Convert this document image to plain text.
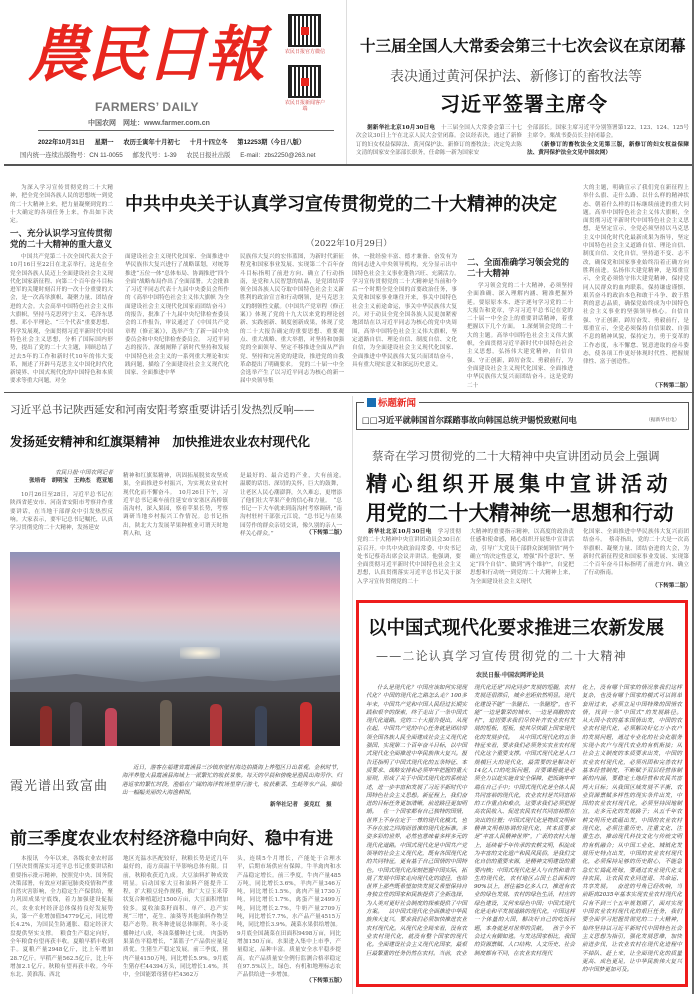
農民日報	农民日报官方微信
农民日报新闻客户端
FARMERS’ DAILY
中国农网　网址：www.farmer.com.cn
2022年10月31日 星期一 农历壬寅年十月初七 十月十四立冬 第12253期（今日八版）
国内统一连续出版物号：CN 11-0055 邮发代号：1-39 农民日报社出版 E-mail：zbs2250@263.net
十三届全国人大常委会第三十七次会议在京闭幕
表决通过黄河保护法、新修订的畜牧法等
习近平签署主席令
据新华社北京10月30日电　 十三届全国人大常委会第三十七次会议30日上午在北京人民大会堂闭幕。会议经表决，通过了新修订的妇女权益保障法、黄河保护法、新修订的畜牧法；决定免去陈文清的国家安全部部长职务，任命陈一新为国家安
全部部长。国家主席习近平分别签署第122、123、124、125号主席令。栗战书委员长主持闭幕会。
（新修订的畜牧法全文见第三版，新修订的妇女权益保障法、黄河保护法全文见中国农网）
为深入学习宣传贯彻党的二十大精神，把全党全国各族人民的思想统一到党的二十大精神上来，把力量凝聚到党的二十大确定的各项任务上来，作出如下决定。
中共中央关于认真学习宣传贯彻党的二十大精神的决定
（2022年10月29日）
一、充分认识学习宣传贯彻党的二十大精神的重大意义
中国共产党第二十次全国代表大会于10月16日至22日在北京举行。这是在全党全国各族人民迈上全面建设社会主义现代化国家新征程、向第二个百年奋斗目标进军的关键时刻召开的一次十分重要的大会，是一次高举旗帜、凝聚力量、团结奋进的大会。大会高举中国特色社会主义伟大旗帜，坚持马克思列宁主义、毛泽东思想、邓小平理论、“三个代表”重要思想、科学发展观，全面贯彻习近平新时代中国特色社会主义思想，分析了国际国内形势，提出了党的二十大主题，回顾总结了过去5年的工作和新时代10年的伟大变革，阐述了开辟马克思主义中国化时代化新境界、中国式现代化的中国特色和本质要求等重大问题，对全
面建设社会主义现代化国家、全面推进中华民族伟大复兴进行了战略谋划，对统筹推进“五位一体”总体布局、协调推进“四个全面”战略布局作出了全面部署。大会批准了习近平同志代表十九届中央委员会所作的《高举中国特色社会主义伟大旗帜 为全面建设社会主义现代化国家而团结奋斗》的报告，批准了十九届中央纪律检查委员会的工作报告，审议通过了《中国共产党章程（修正案）》，选举产生了新一届中央委员会和中央纪律检查委员会。　习近平同志的报告，深刻阐释了新时代坚持和发展中国特色社会主义的一系列重大理论和实践问题，描绘了全面建设社会主义现代化国家、全面推进中华
民族伟大复兴的宏伟蓝图，为新时代新征程党和国家事业发展、实现第二个百年奋斗目标指明了前进方向、确立了行动指南，是党和人民智慧的结晶，是党团结带领全国各族人民夺取中国特色社会主义新胜利的政治宣言和行动纲领，是马克思主义的纲领性文献。《中国共产党章程（修正案）》体现了党的十九大以来党的理论创新、实践创新、制度创新成果，体现了党的二十大报告确定的重要思想、重要观点、重大战略、重大举措，对坚持和加强党的全面领导、坚定不移推进全面从严治党、坚持和完善党的建设，推进党的自我革命提出了明确要求。　党的二十届一中全会选举产生了以习近平同志为核心的新一届中央领导集
体，一批经验丰富、德才兼备、奋发有为的同志进入中央领导机构，充分显示出中国特色社会主义事业蓬勃兴旺、充满活力。　学习宣传贯彻党的二十大精神是当前和今后一个时期全党全国的首要政治任务，事关党和国家事业继往开来，事关中国特色社会主义前途命运，事关中华民族伟大复兴。对于动员全党全国各族人民更加紧密地团结在以习近平同志为核心的党中央周围，高举中国特色社会主义伟大旗帜，坚定道路自信、理论自信、制度自信、文化自信，为全面建设社会主义现代化国家、全面推进中华民族伟大复兴而团结奋斗，具有重大现实意义和深远历史意义。
二、全面准确学习领会党的二十大精神
学习领会党的二十大精神，必须坚持全面准确、深入理解内涵、精准把握外延。要原原本本、逐字逐句学习党的二十大报告和党章，学习习近平总书记在党的二十届一中全会上的重要讲话精神，着重把握以下几个方面。　1.深刻领会党的二十大的主题。高举中国特色社会主义伟大旗帜，全面贯彻习近平新时代中国特色社会主义思想，弘扬伟大建党精神，自信自强、守正创新，踔厉奋发、勇毅前行，为全面建设社会主义现代化国家、全面推进中华民族伟大复兴而团结奋斗。这是党的二十
大的主题，明确宣示了我们党在新征程上举什么旗、走什么路、以什么样的精神状态、朝着什么样的目标继续前进的重大问题。高举中国特色社会主义伟大旗帜，全面贯彻习近平新时代中国特色社会主义思想，是坚定宣示，全党必须坚持以马克思主义中国化时代化最新成果为指导，坚定中国特色社会主义道路自信、理论自信、制度自信、文化自信，坚持道不变、志不改，确保党和国家事业始终沿着正确方向胜利前进。弘扬伟大建党精神，是郑重宣示，全党必须恪守伟大建党精神，保持党同人民群众的血肉联系，保持谦虚谨慎、艰苦奋斗的政治本色和敢于斗争、敢于胜利的意志品质，确保党始终成为中国特色社会主义事业的坚强领导核心。自信自强、守正创新，踔厉奋发、勇毅前行，是郑重宣示，全党必须保持自信果敢、自强不息的精神风貌，保持定力，勇于变革的工作态度，永不懈怠、锐意进取的奋斗姿态，使各项工作更好体现时代性、把握规律性、富于创造性。
（下转第二版）
习近平总书记陕西延安和河南安阳考察重要讲话引发热烈反响——
发扬延安精神和红旗渠精神　加快推进农业农村现代化
农民日报·中国农网记者
张培奇　胡明宝　王帅杰　范亚旭
10月26日至28日，习近平总书记在陕西省延安市、河南省安阳市考察并作重要讲话，在当地干部群众中引发热烈反响。大家表示，要牢记总书记嘱托，认真学习贯彻党的二十大精神，发扬延安
精神和红旗渠精神，巩固拓展脱贫攻坚成果，全面推进乡村振兴，为实现农业农村现代化而不懈奋斗。　10月26日下午，习近平总书记乘车前往延安市安塞区高桥镇南沟村，深入果园，察看苹果长势，考察调研当地乡村振兴工作情况。总书记指出，陕北大力发展苹果种植业可谓天时地利人和，这
是最好的、最合适的产业，大有前途。　温暖的话语、深切的关怀，巨大的鼓舞，让老区人民心潮澎湃，久久难忘，更增添了他们壮大苹果产业的信心和力量。　“总书记一下大车就来到南沟村考察调研，”南沟村驻村干部张元江说，“总书记与在果园劳作的群众亲切交谈，像久别的亲人一样关心群众。”	（下转第二版）
霞光谱出致富曲
近日，游客在福建省霞浦县三沙镇东壁村海边拍摄海上养殖区日出景观。金秋时节，海洋养殖大县霞浦县海域上一派繁忙的收获景象。每天的早晨和傍晚是渔民出海劳作、归港返家的繁忙时段，渔船在广阔的海洋牧场里穿行游弋，收获紫菜、生蚝等水产品，描绘出一幅幅美丽的大海渔耕图。
新华社记者　姜克红　摄
前三季度农业农村经济稳中向好、稳中有进
本报讯　今年以来，各级农业农村部门坚决贯彻落实习近平总书记重要讲话和重要指示批示精神，按照党中央、国务院决策部署，有效应对新冠肺炎疫情和严重自然灾害影响，全力稳定生产保供给，聚力巩固成果守底线，着力加强建设促振兴，农业农村经济总体保持良好发展势头，第一产业增加值54779亿元，同比增长4.2%，为国民生防通胀、稳定经济大盘提供坚实支撑。　粮食生产稳定向好，全年粮食有望再获丰收。夏粮早稻丰收到手。夏粮产量2948亿斤，比上年增加28.7亿斤。早稻产量562.5亿斤，比上年增加2.1亿斤。秋粮有望再获丰收。今年东北、黄淮海、西北
地区光温水匹配较好，秋粮长势是近几年最好的，南方高温干旱影响总体有限。目前，秋粮收获近九成。大豆油料扩种成效明显。启动国家大豆和油料产能提升工程，扩大粮豆轮作规模，推广大豆玉米带状复合种植超过1500万亩，大豆面积增加较多。夏收油菜籽面积、单产、总产实现“三增”，花生、油葵等其他油料作物呈稳产态势。秋冬种进展总体顺利。冬小麦播种过八成，冬油菜播种过七成。　肉蛋奶果菜鱼平稳增长，“菜篮子”产品供应量足质优。生猪生产稳定发展。前三季度，猪肉产量4150万吨，同比增长5.9%。9月底生猪存栏44394万头，同比增长1.4%。其中，全国能繁母猪存栏4362万
头，连续5个月增长，产能处于合理水平，后期市场供应有保障。牛羊禽肉和水产品稳定增长。前三季度，牛肉产量485万吨，同比增长3.6%，羊肉产量346万吨，同比增长1.5%，禽肉产量1730万吨，同比增长1.7%，禽蛋产量2499万吨，同比增长2.7%，牛奶产量2709万吨，同比增长7.7%，水产品产量4515万吨，同比增长3.9%。蔬菜水果供给增加。9月底全国蔬菜在田面积9498万亩，同比增加150万亩。水果进入集中上市季，产量稳定，品种丰富。质量安全水平稳步提高。农产品质量安全例行监测合格率稳定在97.5%以上，绿色、有机和地理标志农产品供给进一步增加。
（下转第五版）
标题新闻
□□习近平就韩国首尔踩踏事故向韩国总统尹锡悦致慰问电	（据新华社电）
蔡奇在学习贯彻党的二十大精神中央宣讲团动员会上强调
精心组织开展集中宣讲活动
用党的二十大精神统一思想和行动
新华社北京10月30日电　 学习贯彻党的二十大精神中央宣讲团动员会30日在京召开。中共中央政治局常委、中央书记处书记蔡奇出席会议并讲话。他强调，要全面贯彻习近平新时代中国特色社会主义思想，认真贯彻落实习近平总书记关于深入学习宣传贯彻党的二十
大精神的重要指示精神，以高度的政治责任感和使命感，精心组织开展集中宣讲活动，引导广大党员干部群众深刻领悟“两个确立”的决定性意义，增强“四个意识”、坚定“四个自信”、做到“两个维护”，自觉把思想和行动统一到党的二十大精神上来，为全面建设社会主义现代
化国家、全面推进中华民族伟大复兴而团结奋斗。　蔡奇指出，党的二十大是一次高举旗帜、凝聚力量、团结奋进的大会，为新时代新征程党和国家事业发展、实现第二个百年奋斗目标指明了前进方向、确立了行动指南。
（下转第二版）
以中国式现代化要求推进三农新发展
——二论认真学习宣传贯彻党的二十大精神
农民日报·中国农网评论员
什么是现代化？中国应该如何实现现代化？中国的现代化之路怎么走？100多年来，中国共产党和中国人民经过长期实践和艰辛的探索，终于走出了一条中国式现代化道路。党的二十大报告提出，从现在起，中国共产党的中心任务就是团结带领全国各族人民全面建成社会主义现代化强国、实现第二个百年奋斗目标，以中国式现代化全面推进中华民族伟大复兴。报告还指明了中国式现代化的五条特征、本质要求、战略安排和必须牢牢把握的重大原则，形成了关于中国式现代化的系统论述，进一步丰富和发展了习近平新时代中国特色社会主义思想。新征程上，我们奋进的目标任务更加清晰，前进路径更加明朗。　在一个国家都有自己独特的国情，世界上不存在定于一尊的现代化模式，也不存在放之四海而皆准的现代化标准。多姿多彩的世界，必然也意味着多样多元的现代化道路。中国式现代化是中国共产党领导的社会主义现代化，既有各国现代化的共同特征，更有基于自己国情的中国特色。中国式现代化深刻把握中国实际，拓展了发展中国家走向现代化的途径，也给世界上那些既希望加快发展又希望保持自身独立性的国家和民族提供了全新选择，为人类对更好社会制度的探索提供了中国方案。　以中国式现代化全面推进中华民族伟大复兴，要求我们必须加快推进农业农村现代化。从现代化全局来看，没有农业农村现代化，就没有整个国家的现代化。全面建设社会主义现代化国家，最艰巨最繁重的任务仍然在农村。当前，农业
现代化还是“四化同步”发展的短腿，农村发展还很滞后，城乡差距依然明显。现代化建设不能“一条腿长、一条腿短”，也不能“一边是繁荣的城市、一边是凋敝的农村”，迫切要求我们尽快补齐农业农村发展的短板，短板，使其尽快跟上国家现代化的发展步伐。　从中国式现代化的五条特征来看，要求我们必须务实农业农村现代化这个重要支撑。中国式现代化是人口规模巨大的现代化，最需要的是解决好14亿人口的吃饭问题，首要课题就是必须全力以赴实施食安全保障，把饭碗牢牢端在自己手中；中国式现代化是全体人民共同富裕的现代化，农业农村是共同富裕的工作重点和难点，这要求我们必须把提高农民收入、促进农民农村共同富裕摆在突出的位置；中国式现代化是物质文明和精神文明相协调的现代化，其本质要求是“丰富人民精神世界”，广袤的农村大地上，延续着千年传承的农耕文明，积淀成为丰富的文化遗产和民风民俗，是我们文化自信的重要来源，是精神文明建设的重要内核；中国式现代化是人与自然和谐共生的现代化，农村地区占国土总面积的90%以上，居住着5亿多人口，推进有农业的绿色发展、农村的绿色生活，村庄的绿色建设，又何来绿色中国；中国式现代化是走和平发展道路的现代化，中国这样一个体量的大国，解决好自己的吃饭问题，本身就是对世界的贡献。　孩子今不会过大有脚如逃。与发达国家相比，我国的资源禀赋、人口结构、人文历史、社会制度都有不同，在农业农村现代
化上，没有哪个国家的情况象我们这样复杂，也没有哪个国家的模式可以简单套用过来，必须立足中国特殊的国情农情，找到一条“中国式”的发展路径。　从大国小农的基本国情出发，中国的农业农村现代化，必须解决好亿万小农户的发展问题，通过专业化的社会化服务实现小农户与现代农业的有机衔接；从社会主义制度的本质要求出发，中国的农业农村现代化，必须巩固和完善农村基本经营制度，不断赋予双层经营体制新的内涵，要稳定土地经营和农民共富两大目标；从我国区域发展不平衡、农业资源禀赋多样性的现实条件出发，中国的农业农村现代化，必须坚持因地制宜，走多元化的发展路子；从五千年农耕文明历史底蕴出发，中国的农业农村现代化，必须注重历史、注重文化、注重生态，推动现代科技文化与传统文明的有机融合；从中国工业化、城镇化发展历史特点出发，中国的农业农村现代化，必须保持足够的历史耐心，不能急急忙忙捣乱班嫁，要通过农业现代化支持农民，让农民农业同进退、共命运、共享发展。　奋进的号角已经吹响，当前距离2035年基本实现农业农村现代化只有不到三个五年规划期了，面对实现中国农业农村现代化的艰巨任务，我们要全面学习把握贯彻党的二十大精神，始终坚持以习近平新时代中国特色社会主义思想为指引，强化发展思维，加快前进步伐，让农业农村在现代化进程中不掉队、赶上来，让全面现代化的质量更高、成色更足，让中华民族伟大复兴的中国梦更加可及。
